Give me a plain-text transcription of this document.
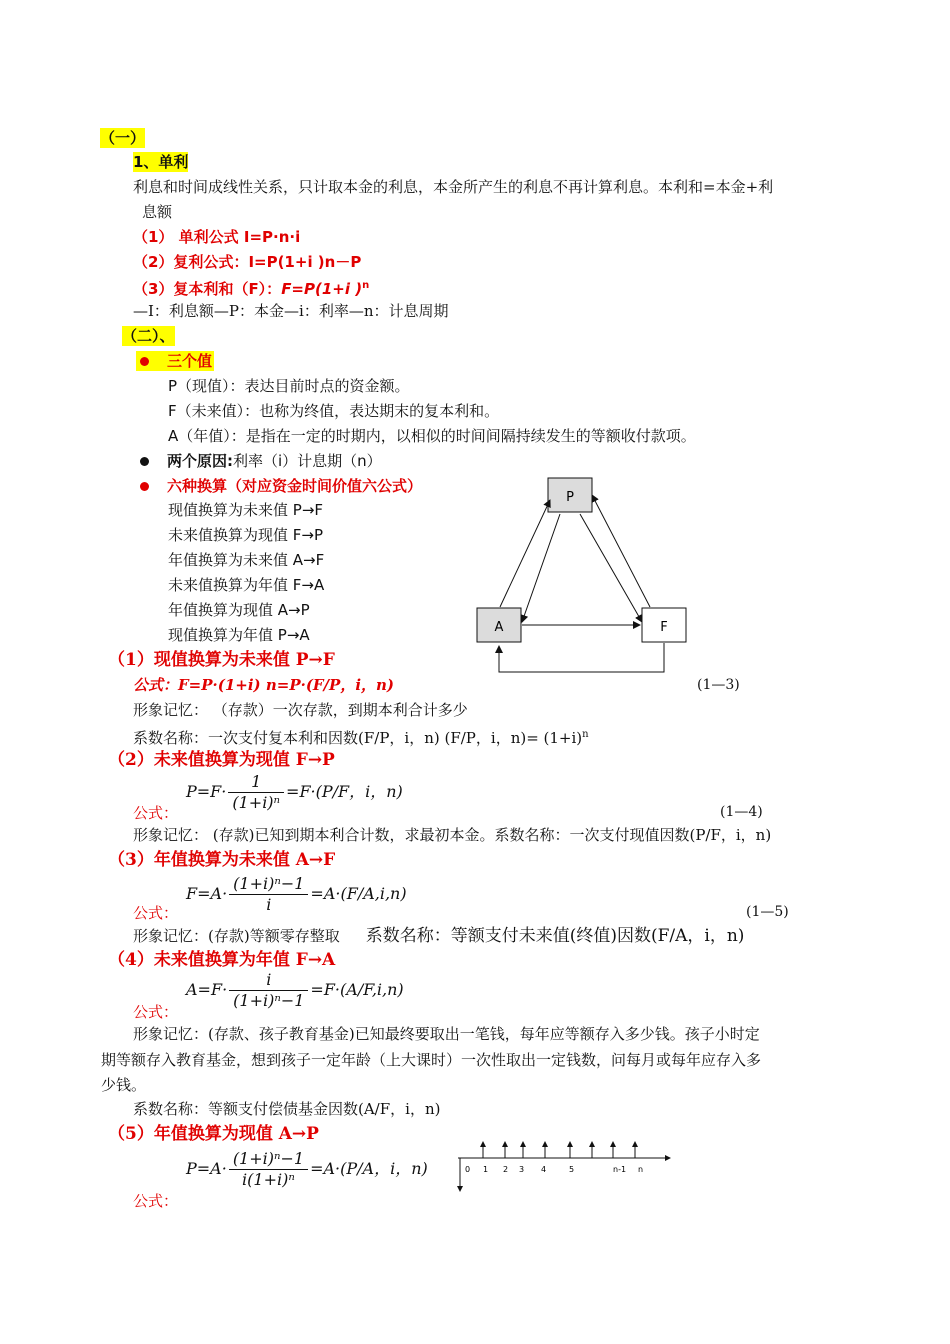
（一）
1、单利
利息和时间成线性关系，只计取本金的利息，本金所产生的利息不再计算利息。本利和=本金+利
息额
（1） 单利公式 I=P·n·i
（2）复利公式：I=P(1+i )n－P
（3）复本利和（F）：F=P(1+i )$^n$
—I：利息额—P：本金—i：利率—n：计息周期
（二）、
三个值
P（现值）：表达目前时点的资金额。
F（未来值）：也称为终值，表达期末的复本利和。
A（年值）：是指在一定的时期内，以相似的时间间隔持续发生的等额收付款项。
两个原因:利率（i）计息期（n）
六种换算（对应资金时间价值六公式）
现值换算为未来值 P→F
未来值换算为现值 F→P
年值换算为未来值 A→F
未来值换算为年值 F→A
年值换算为现值 A→P
现值换算为年值 P→A
P
A	F
（1）现值换算为未来值 P→F
公式：F=P·(1+i) n=P·(F/P，i，n)	(1—3)
形象记忆： （存款）一次存款，到期本利合计多少
系数名称：一次支付复本利和因数(F/P，i，n) (F/P，i，$n)= (1+i)^n$
（2）未来值换算为现值 F→P
$P=F\cdot \frac{1}{\text{(1+i)ⁿ}} =F\cdot(P/F$，i，n)
公式：	(1—4)
形象记忆： (存款)已知到期本利合计数，求最初本金。系数名称：一次支付现值因数(P/F，i，n)
（3）年值换算为未来值 A→F
$F=A\cdot \frac{\text{(1+i)ⁿ−1}}{i} =A\cdot(F/A,i,n)$
公式：	(1—5)
形象记忆：(存款)等额零存整取 系数名称：等额支付未来值(终值)因数(F/A，i，n)
（4）未来值换算为年值 F→A
$A=F\cdot \frac{i}{\text{(1+i)ⁿ−1}} =F\cdot(A/F,i,n)$
公式：
形象记忆：(存款、孩子教育基金)已知最终要取出一笔钱，每年应等额存入多少钱。孩子小时定
期等额存入教育基金，想到孩子一定年龄（上大课时）一次性取出一定钱数，问每月或每年应存入多
少钱。
系数名称：等额支付偿债基金因数(A/F，i，n)
（5）年值换算为现值 A→P
$P=A\cdot \frac{\text{(1+i)ⁿ−1}}{\text{i(1+i)ⁿ}} =A\cdot(P/A$，i，n)
公式：
0 1 2 3 4	5	n-1 n
